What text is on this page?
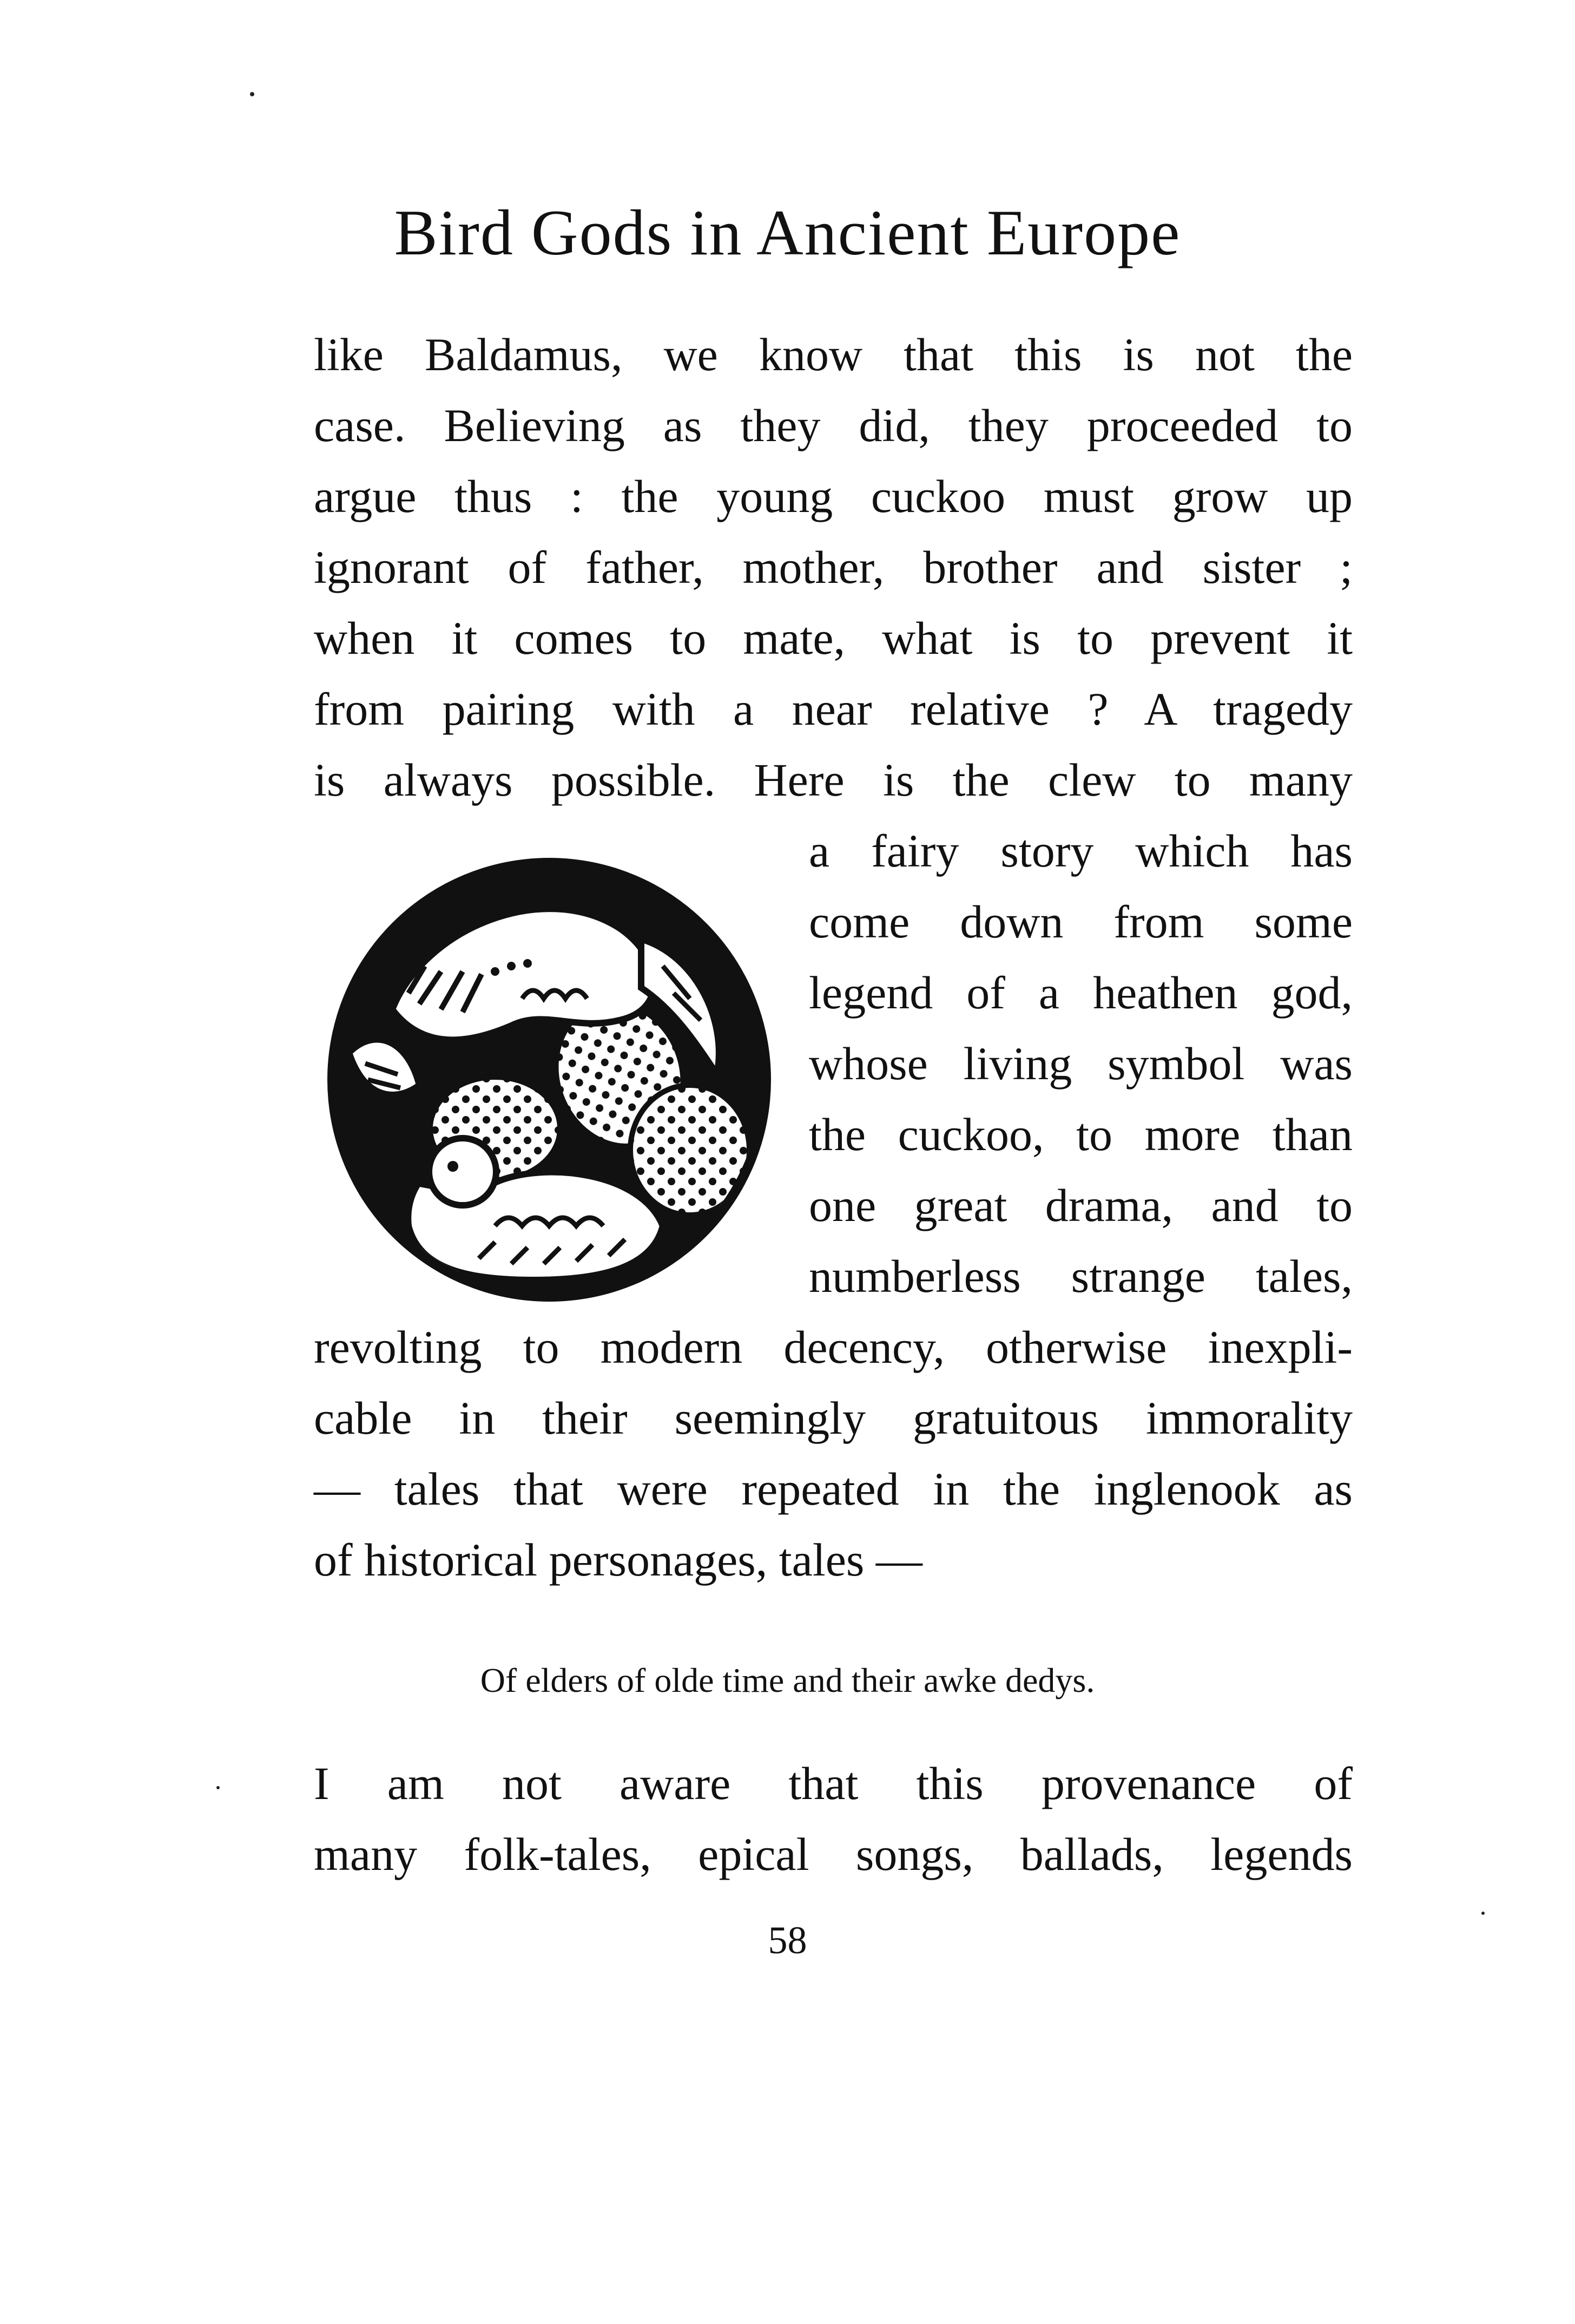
Bird Gods in Ancient Europe
like Baldamus, we know that this is not the
case. Believing as they did, they proceeded to
argue thus : the young cuckoo must grow up
ignorant of father, mother, brother and sister ;
when it comes to mate, what is to prevent it
from pairing with a near relative ? A tragedy
is always possible. Here is the clew to many
a fairy story which has
come down from some
legend of a heathen god,
whose living symbol was
the cuckoo, to more than
one great drama, and to
numberless strange tales,
revolting to modern decency, otherwise inexpli-
cable in their seemingly gratuitous immorality
— tales that were repeated in the inglenook as
of historical personages, tales —
Of elders of olde time and their awke dedys.
I am not aware that this provenance of
many folk-tales, epical songs, ballads, legends
58
